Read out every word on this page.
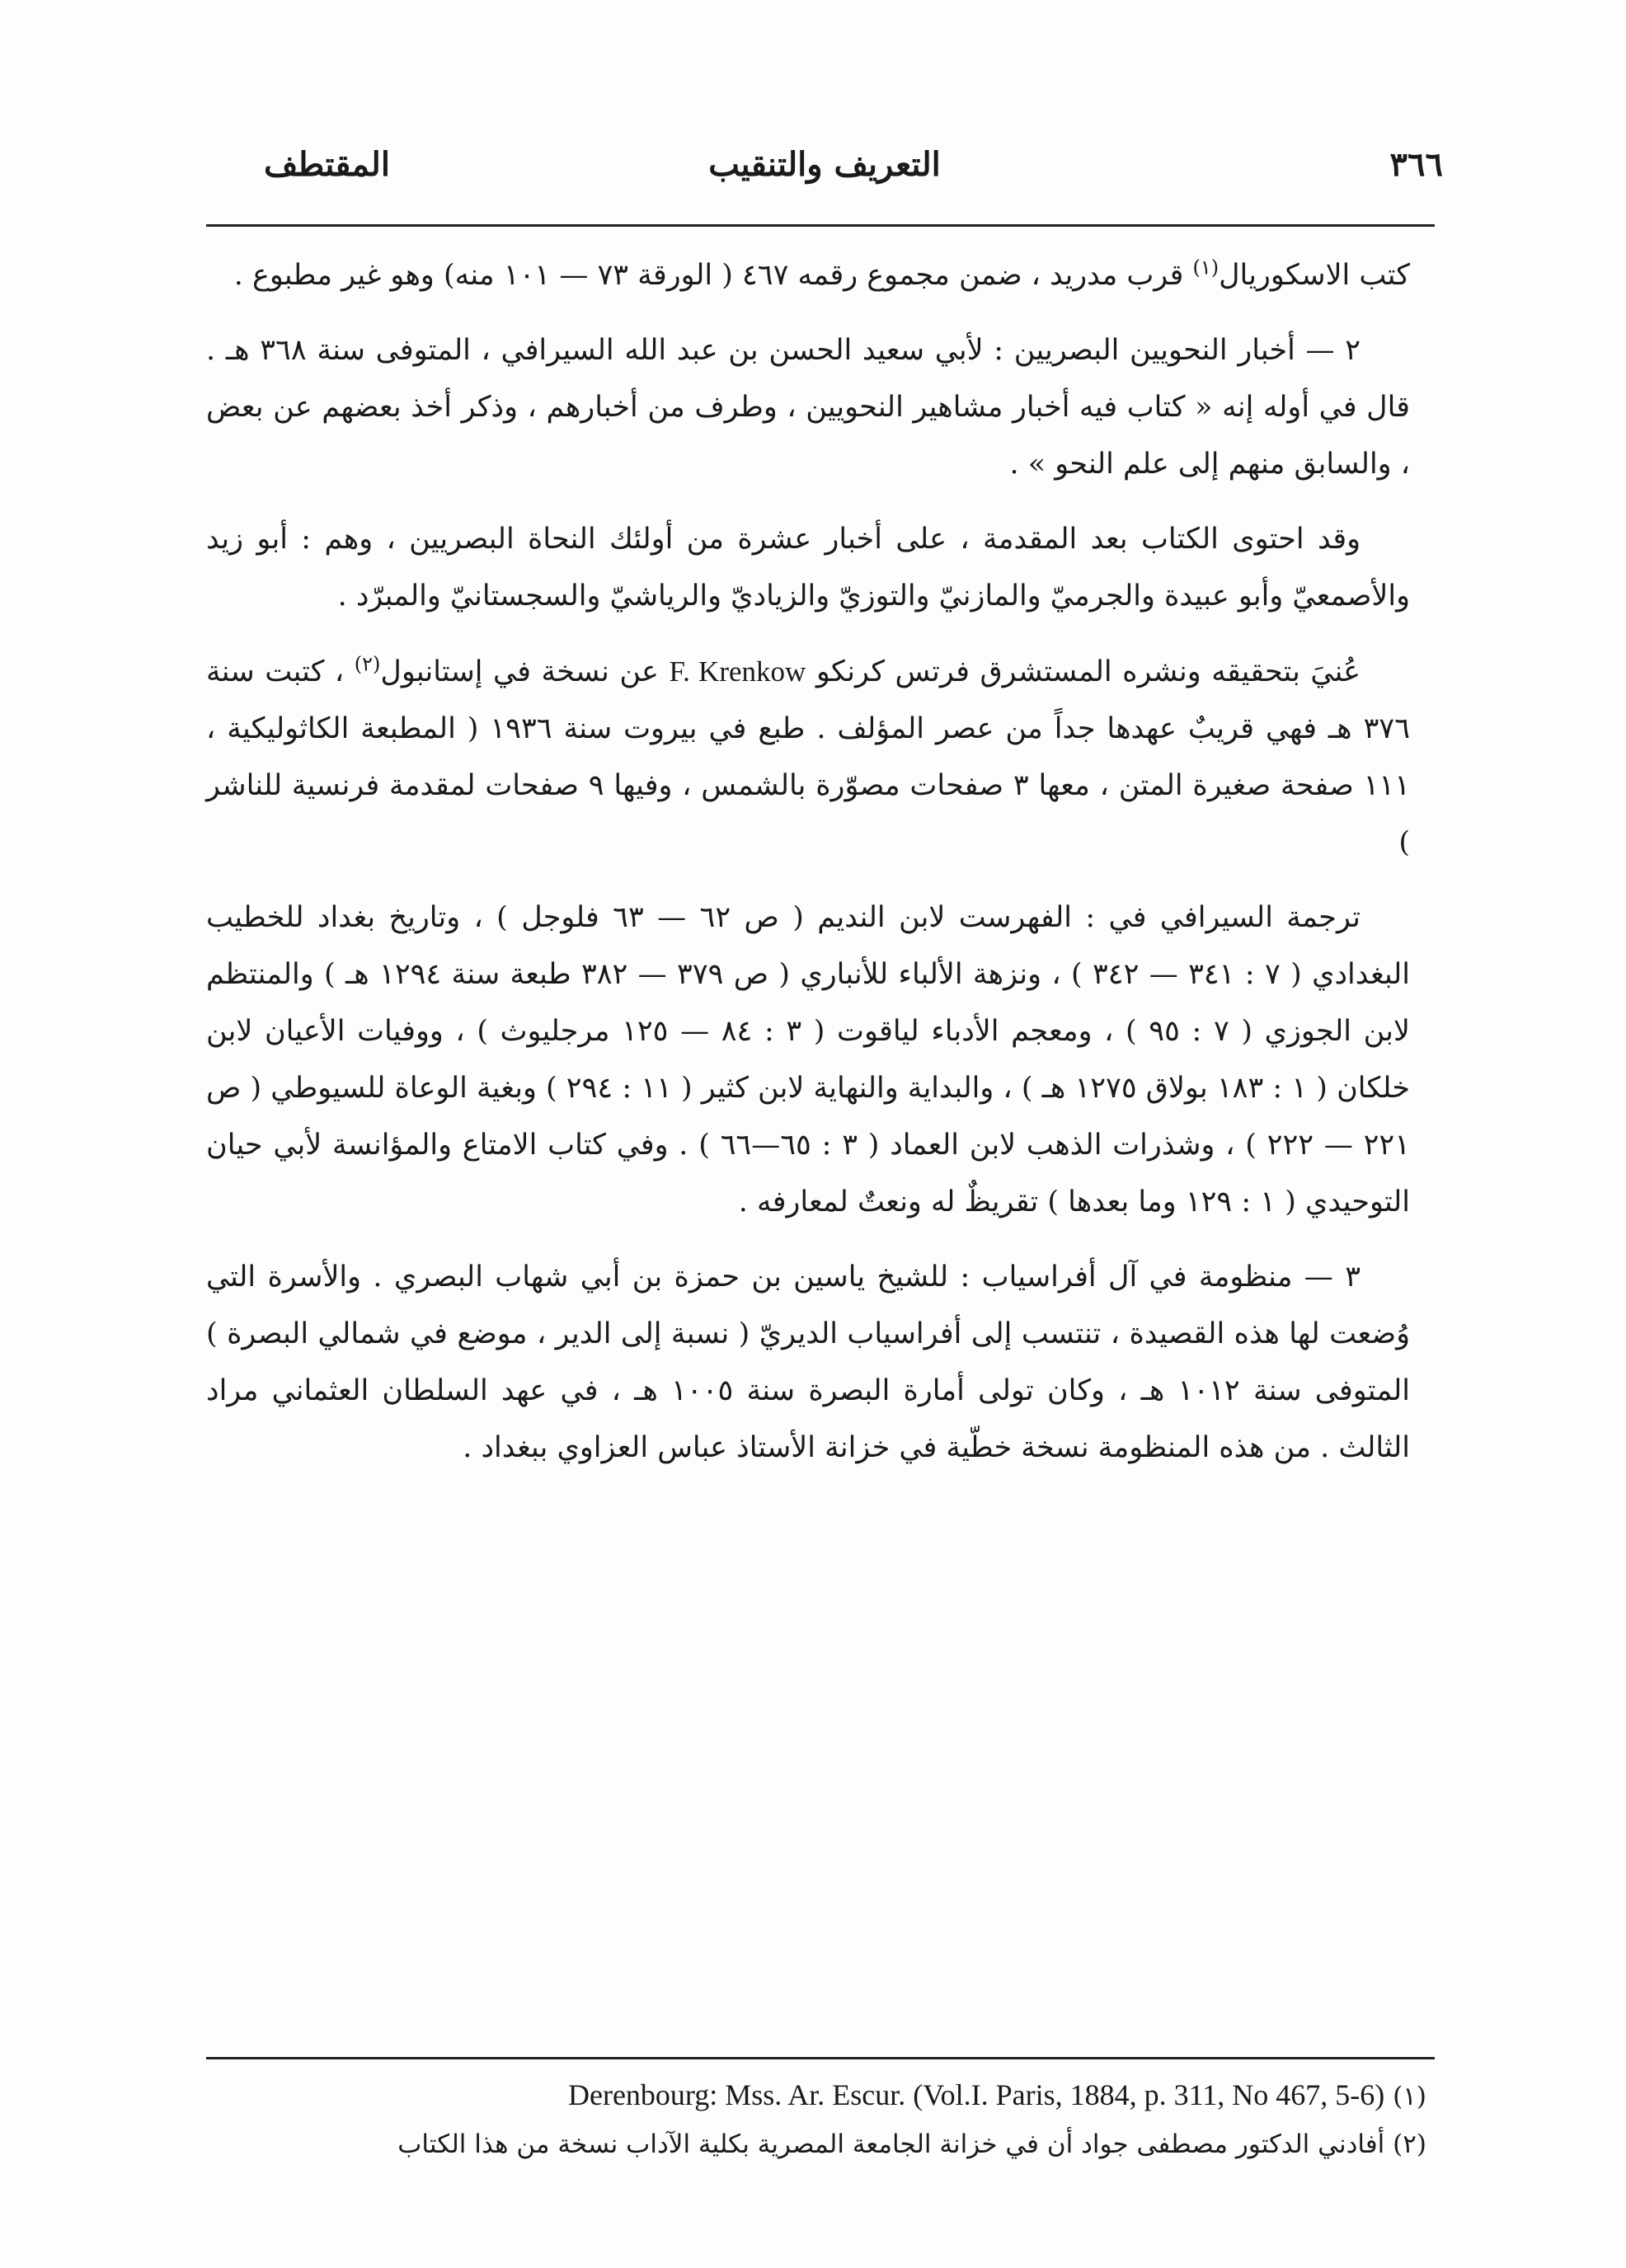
٣٦٦
التعريف والتنقيب
المقتطف

كتب الاسكوريال$^{(١)}$ قرب مدريد ، ضمن مجموع رقمه ٤٦٧ ( الورقة ٧٣ — ١٠١ منه) وهو غير مطبوع .

٢ — أخبار النحويين البصريين : لأبي سعيد الحسن بن عبد الله السيرافي ، المتوفى سنة ٣٦٨ هـ . قال في أوله إنه « كتاب فيه أخبار مشاهير النحويين ، وطرف من أخبارهم ، وذكر أخذ بعضهم عن بعض ، والسابق منهم إلى علم النحو » .

وقد احتوى الكتاب بعد المقدمة ، على أخبار عشرة من أولئك النحاة البصريين ، وهم : أبو زيد والأصمعيّ وأبو عبيدة والجرميّ والمازنيّ والتوزيّ والزياديّ والرياشيّ والسجستانيّ والمبرّد .

عُنيَ بتحقيقه ونشره المستشرق فرتس كرنكو F. Krenkow عن نسخة في إستانبول$^{(٢)}$ ، كتبت سنة ٣٧٦ هـ فهي قريبٌ عهدها جداً من عصر المؤلف . طبع في بيروت سنة ١٩٣٦ ( المطبعة الكاثوليكية ، ١١١ صفحة صغيرة المتن ، معها ٣ صفحات مصوّرة بالشمس ، وفيها ٩ صفحات لمقدمة فرنسية للناشر )

ترجمة السيرافي في : الفهرست لابن النديم ( ص ٦٢ — ٦٣ فلوجل ) ، وتاريخ بغداد للخطيب البغدادي ( ٧ : ٣٤١ — ٣٤٢ ) ، ونزهة الألباء للأنباري ( ص ٣٧٩ — ٣٨٢ طبعة سنة ١٢٩٤ هـ ) والمنتظم لابن الجوزي ( ٧ : ٩٥ ) ، ومعجم الأدباء لياقوت ( ٣ : ٨٤ — ١٢٥ مرجليوث ) ، ووفيات الأعيان لابن خلكان ( ١ : ١٨٣ بولاق ١٢٧٥ هـ ) ، والبداية والنهاية لابن كثير ( ١١ : ٢٩٤ ) وبغية الوعاة للسيوطي ( ص ٢٢١ — ٢٢٢ ) ، وشذرات الذهب لابن العماد ( ٣ : ٦٥—٦٦ ) . وفي كتاب الامتاع والمؤانسة لأبي حيان التوحيدي ( ١ : ١٢٩ وما بعدها ) تقريظٌ له ونعتٌ لمعارفه .

٣ — منظومة في آل أفراسياب : للشيخ ياسين بن حمزة بن أبي شهاب البصري . والأسرة التي وُضعت لها هذه القصيدة ، تنتسب إلى أفراسياب الديريّ ( نسبة إلى الدير ، موضع في شمالي البصرة ) المتوفى سنة ١٠١٢ هـ ، وكان تولى أمارة البصرة سنة ١٠٠٥ هـ ، في عهد السلطان العثماني مراد الثالث . من هذه المنظومة نسخة خطّية في خزانة الأستاذ عباس العزاوي ببغداد .

(١) Derenbourg: Mss. Ar. Escur. (Vol.I. Paris, 1884, p. 311, No 467, 5-6)

(٢) أفادني الدكتور مصطفى جواد أن في خزانة الجامعة المصرية بكلية الآداب نسخة من هذا الكتاب
